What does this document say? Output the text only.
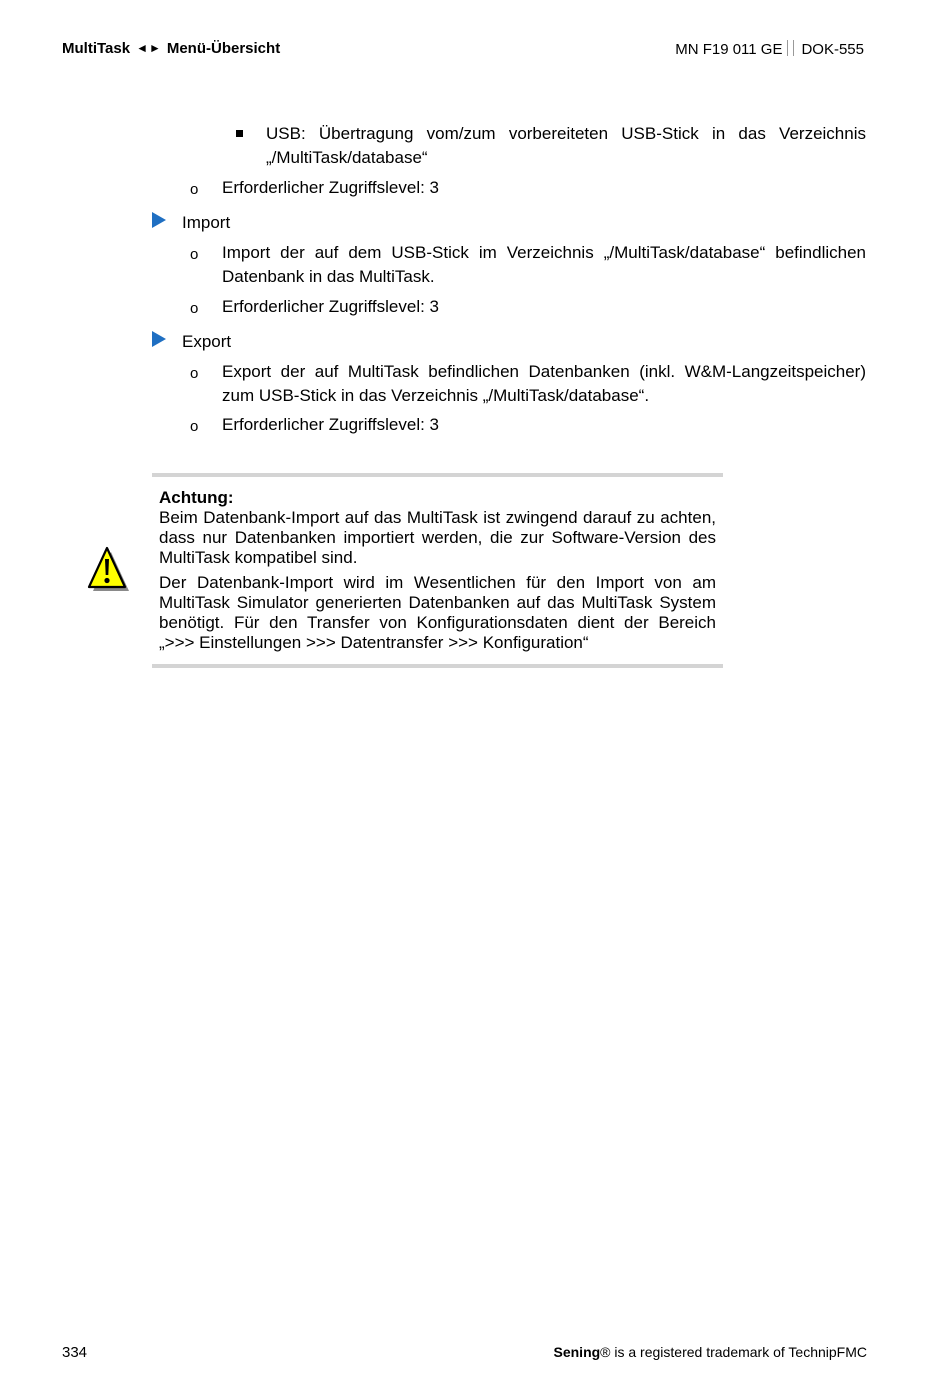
MultiTask ◄► Menü-Übersicht	MN F19 011 GE DOK-555
USB: Übertragung vom/zum vorbereiteten USB-Stick in das Verzeichnis „/MultiTask/database“
o Erforderlicher Zugriffslevel: 3
Import
o Import der auf dem USB-Stick im Verzeichnis „/MultiTask/database“ befindlichen Datenbank in das MultiTask.
o Erforderlicher Zugriffslevel: 3
Export
o Export der auf MultiTask befindlichen Datenbanken (inkl. W&M-Langzeitspeicher) zum USB-Stick in das Verzeichnis „/MultiTask/database“.
o Erforderlicher Zugriffslevel: 3
Achtung:
Beim Datenbank-Import auf das MultiTask ist zwingend darauf zu achten, dass nur Datenbanken importiert werden, die zur Software-Version des MultiTask kompatibel sind.
Der Datenbank-Import wird im Wesentlichen für den Import von am MultiTask Simulator generierten Datenbanken auf das MultiTask System benötigt. Für den Transfer von Konfigurationsdaten dient der Bereich „>>> Einstellungen >>> Datentransfer >>> Konfiguration“
334	Sening® is a registered trademark of TechnipFMC
